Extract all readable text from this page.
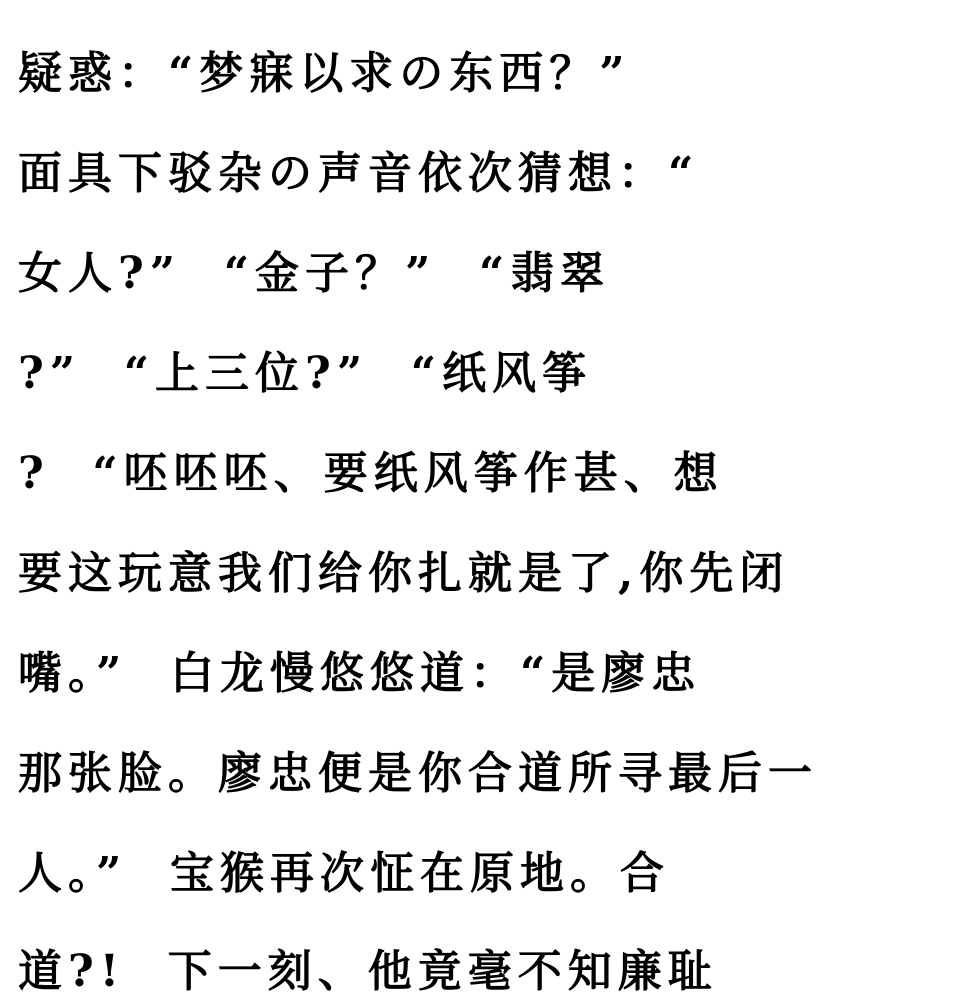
疑惑：“梦寐以求の东西？”
面具下驳杂の声音依次猜想：“
女人?”  “金子？”  “翡翠
?”  “上三位?”  “纸风筝
?  “呸呸呸、要纸风筝作甚、想
要这玩意我们给你扎就是了,你先闭
嘴。”  白龙慢悠悠道：“是廖忠
那张脸。廖忠便是你合道所寻最后一
人。”  宝猴再次怔在原地。合
道?!  下一刻、他竟毫不知廉耻
